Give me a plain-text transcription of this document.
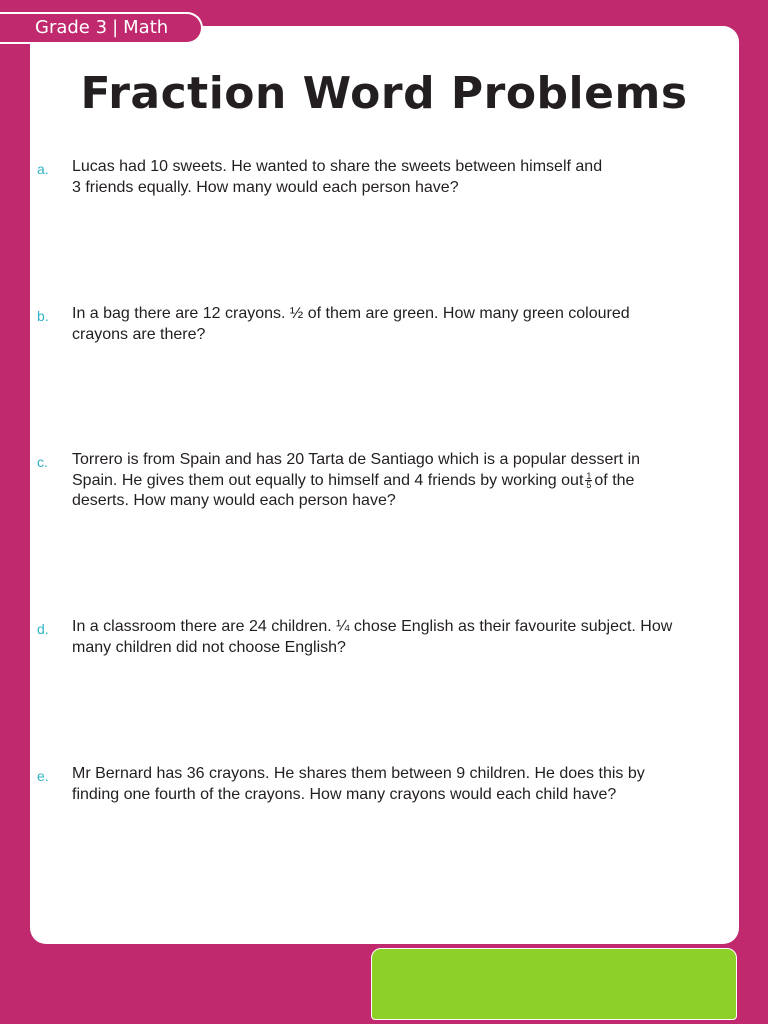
Grade 3 | Math
Fraction Word Problems
a. Lucas had 10 sweets. He wanted to share the sweets between himself and
3 friends equally. How many would each person have?

b. In a bag there are 12 crayons. ½ of them are green. How many green coloured
crayons are there?

c. Torrero is from Spain and has 20 Tarta de Santiago which is a popular dessert in
Spain. He gives them out equally to himself and 4 friends by working out $\frac{1}{5}$ of the
deserts. How many would each person have?

d. In a classroom there are 24 children. ¼ chose English as their favourite subject. How
many children did not choose English?

e. Mr Bernard has 36 crayons. He shares them between 9 children. He does this by
finding one fourth of the crayons. How many crayons would each child have?
